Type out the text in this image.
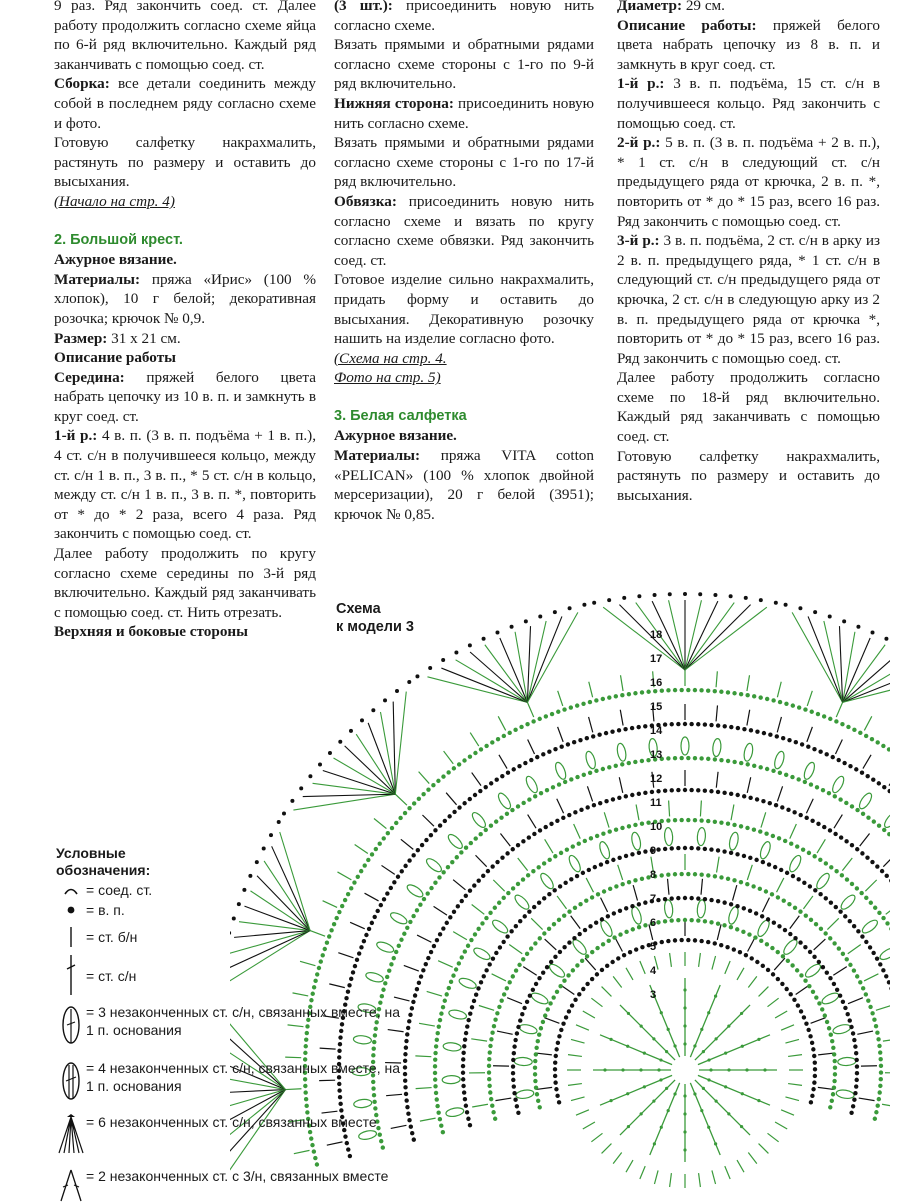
9 раз. Ряд закончить соед. ст. Далее работу продолжить согласно схеме яйца по 6-й ряд включительно. Каждый ряд заканчивать с помощью соед. ст.

Сборка: все детали соединить между собой в последнем ряду согласно схеме и фото.

Готовую салфетку накрахмалить, растянуть по размеру и оставить до высыхания.

(Начало на стр. 4)

2. Большой крест.

Ажурное вязание.

Материалы: пряжа «Ирис» (100 % хлопок), 10 г белой; декоративная розочка; крючок № 0,9.

Размер: 31 х 21 см.

Описание работы

Середина: пряжей белого цвета набрать цепочку из 10 в. п. и замкнуть в круг соед. ст.

1-й р.: 4 в. п. (3 в. п. подъёма + 1 в. п.), 4 ст. с/н в получившееся кольцо, между ст. с/н 1 в. п., 3 в. п., * 5 ст. с/н в кольцо, между ст. с/н 1 в. п., 3 в. п. *, повторить от * до * 2 раза, всего 4 раза. Ряд закончить с помощью соед. ст.

Далее работу продолжить по кругу согласно схеме середины по 3-й ряд включительно. Каждый ряд заканчивать с помощью соед. ст. Нить отрезать.

Верхняя и боковые стороны

(3 шт.): присоединить новую нить согласно схеме.

Вязать прямыми и обратными рядами согласно схеме стороны с 1-го по 9-й ряд включительно.

Нижняя сторона: присоединить новую нить согласно схеме.

Вязать прямыми и обратными рядами согласно схеме стороны с 1-го по 17-й ряд включительно.

Обвязка: присоединить новую нить согласно схеме и вязать по кругу согласно схеме обвязки. Ряд закончить соед. ст.

Готовое изделие сильно накрахмалить, придать форму и оставить до высыхания. Декоративную розочку нашить на изделие согласно фото.

(Схема на стр. 4.

Фото на стр. 5)

3. Белая салфетка

Ажурное вязание.

Материалы: пряжа VITA cotton «PELICAN» (100 % хлопок двойной мерсеризации), 20 г белой (3951); крючок № 0,85.

Диаметр: 29 см.

Описание работы: пряжей белого цвета набрать цепочку из 8 в. п. и замкнуть в круг соед. ст.

1-й р.: 3 в. п. подъёма, 15 ст. с/н в получившееся кольцо. Ряд закончить с помощью соед. ст.

2-й р.: 5 в. п. (3 в. п. подъёма + 2 в. п.), * 1 ст. с/н в следующий ст. с/н предыдущего ряда от крючка, 2 в. п. *, повторить от * до * 15 раз, всего 16 раз. Ряд закончить с помощью соед. ст.

3-й р.: 3 в. п. подъёма, 2 ст. с/н в арку из 2 в. п. предыдущего ряда, * 1 ст. с/н в следующий ст. с/н предыдущего ряда от крючка, 2 ст. с/н в следующую арку из 2 в. п. предыдущего ряда от крючка *, повторить от * до * 15 раз, всего 16 раз. Ряд закончить с помощью соед. ст.

Далее работу продолжить согласно схеме по 18-й ряд включительно. Каждый ряд заканчивать с помощью соед. ст.

Готовую салфетку накрахмалить, растянуть по размеру и оставить до высыхания.

Схема
к модели 3	18
17
16
15
14
13
12
11
10
9
8
7
6
5
4
3
Условные
обозначения:
= соед. ст.
= в. п.
= ст. б/н
= ст. с/н
= 3 незаконченных ст. с/н, связанных вместе, на 1 п. основания
= 4 незаконченных ст. с/н, связанных вместе, на 1 п. основания
= 6 незаконченных ст. с/н, связанных вместе
= 2 незаконченных ст. с 3/н, связанных вместе
